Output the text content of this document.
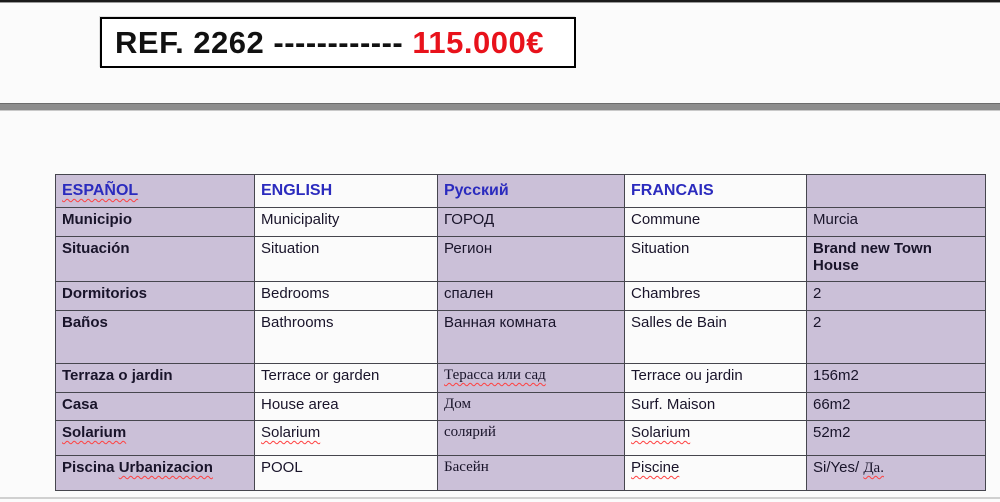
REF. 2262 ------------ 115.000€
ESPAÑOL	ENGLISH	Русский	FRANCAIS	
Municipio	Municipality	ГОРОД	Commune	Murcia
Situación	Situation	Регион	Situation	Brand new Town House
Dormitorios	Bedrooms	спален	Chambres	2
Baños	Bathrooms	Ванная комната	Salles de Bain	2
Terraza o jardin	Terrace or garden	Терасса или сад	Terrace ou jardin	156m2
Casa	House area	Дом	Surf. Maison	66m2
Solarium	Solarium	солярий	Solarium	52m2
Piscina Urbanizacion	POOL	Басейн	Piscine	Si/Yes/ Да.
